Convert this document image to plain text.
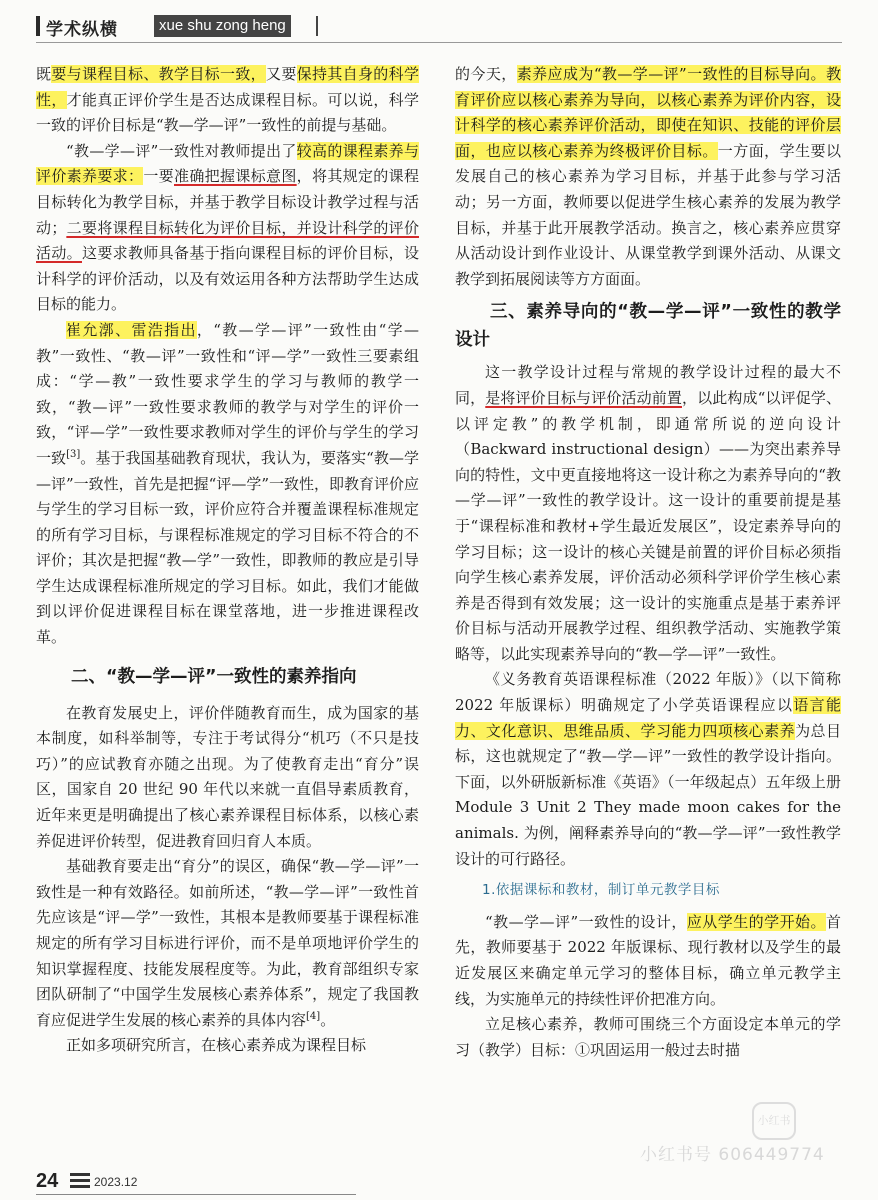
学术纵横	xue shu zong heng

既要与课程目标、教学目标一致，又要保持其自身的科学性，才能真正评价学生是否达成课程目标。可以说，科学一致的评价目标是“教—学—评”一致性的前提与基础。

“教—学—评”一致性对教师提出了较高的课程素养与评价素养要求：一要准确把握课标意图，将其规定的课程目标转化为教学目标，并基于教学目标设计教学过程与活动；二要将课程目标转化为评价目标，并设计科学的评价活动。这要求教师具备基于指向课程目标的评价目标，设计科学的评价活动，以及有效运用各种方法帮助学生达成目标的能力。

崔允漷、雷浩指出，“教—学—评”一致性由“学—教”一致性、“教—评”一致性和“评—学”一致性三要素组成：“学—教”一致性要求学生的学习与教师的教学一致，“教—评”一致性要求教师的教学与对学生的评价一致，“评—学”一致性要求教师对学生的评价与学生的学习一致[3]。基于我国基础教育现状，我认为，要落实“教—学—评”一致性，首先是把握“评—学”一致性，即教育评价应与学生的学习目标一致，评价应符合并覆盖课程标准规定的所有学习目标，与课程标准规定的学习目标不符合的不评价；其次是把握“教—学”一致性，即教师的教应是引导学生达成课程标准所规定的学习目标。如此，我们才能做到以评价促进课程目标在课堂落地，进一步推进课程改革。

二、“教—学—评”一致性的素养指向

在教育发展史上，评价伴随教育而生，成为国家的基本制度，如科举制等，专注于考试得分“机巧（不只是技巧）”的应试教育亦随之出现。为了使教育走出“育分”误区，国家自 20 世纪 90 年代以来就一直倡导素质教育，近年来更是明确提出了核心素养课程目标体系，以核心素养促进评价转型，促进教育回归育人本质。

基础教育要走出“育分”的误区，确保“教—学—评”一致性是一种有效路径。如前所述，“教—学—评”一致性首先应该是“评—学”一致性，其根本是教师要基于课程标准规定的所有学习目标进行评价，而不是单项地评价学生的知识掌握程度、技能发展程度等。为此，教育部组织专家团队研制了“中国学生发展核心素养体系”，规定了我国教育应促进学生发展的核心素养的具体内容[4]。

正如多项研究所言，在核心素养成为课程目标

的今天，素养应成为“教—学—评”一致性的目标导向。教育评价应以核心素养为导向，以核心素养为评价内容，设计科学的核心素养评价活动，即使在知识、技能的评价层面，也应以核心素养为终极评价目标。一方面，学生要以发展自己的核心素养为学习目标，并基于此参与学习活动；另一方面，教师要以促进学生核心素养的发展为教学目标，并基于此开展教学活动。换言之，核心素养应贯穿从活动设计到作业设计、从课堂教学到课外活动、从课文教学到拓展阅读等方方面面。

三、素养导向的“教—学—评”一致性的教学设计

这一教学设计过程与常规的教学设计过程的最大不同，是将评价目标与评价活动前置，以此构成“以评促学、以评定教”的教学机制，即通常所说的逆向设计（Backward instructional design）——为突出素养导向的特性，文中更直接地将这一设计称之为素养导向的“教—学—评”一致性的教学设计。这一设计的重要前提是基于“课程标准和教材+学生最近发展区”，设定素养导向的学习目标；这一设计的核心关键是前置的评价目标必须指向学生核心素养发展，评价活动必须科学评价学生核心素养是否得到有效发展；这一设计的实施重点是基于素养评价目标与活动开展教学过程、组织教学活动、实施教学策略等，以此实现素养导向的“教—学—评”一致性。

《义务教育英语课程标准（2022 年版）》（以下简称 2022 年版课标）明确规定了小学英语课程应以语言能力、文化意识、思维品质、学习能力四项核心素养为总目标，这也就规定了“教—学—评”一致性的教学设计指向。下面，以外研版新标准《英语》（一年级起点）五年级上册 Module 3 Unit 2 They made moon cakes for the animals. 为例，阐释素养导向的“教—学—评”一致性教学设计的可行路径。

1.依据课标和教材，制订单元教学目标

“教—学—评”一致性的设计，应从学生的学开始。首先，教师要基于 2022 年版课标、现行教材以及学生的最近发展区来确定单元学习的整体目标，确立单元教学主线，为实施单元的持续性评价把准方向。

立足核心素养，教师可围绕三个方面设定本单元的学习（教学）目标：①巩固运用一般过去时描

24	2023.12
小红书
小红书号 606449774
